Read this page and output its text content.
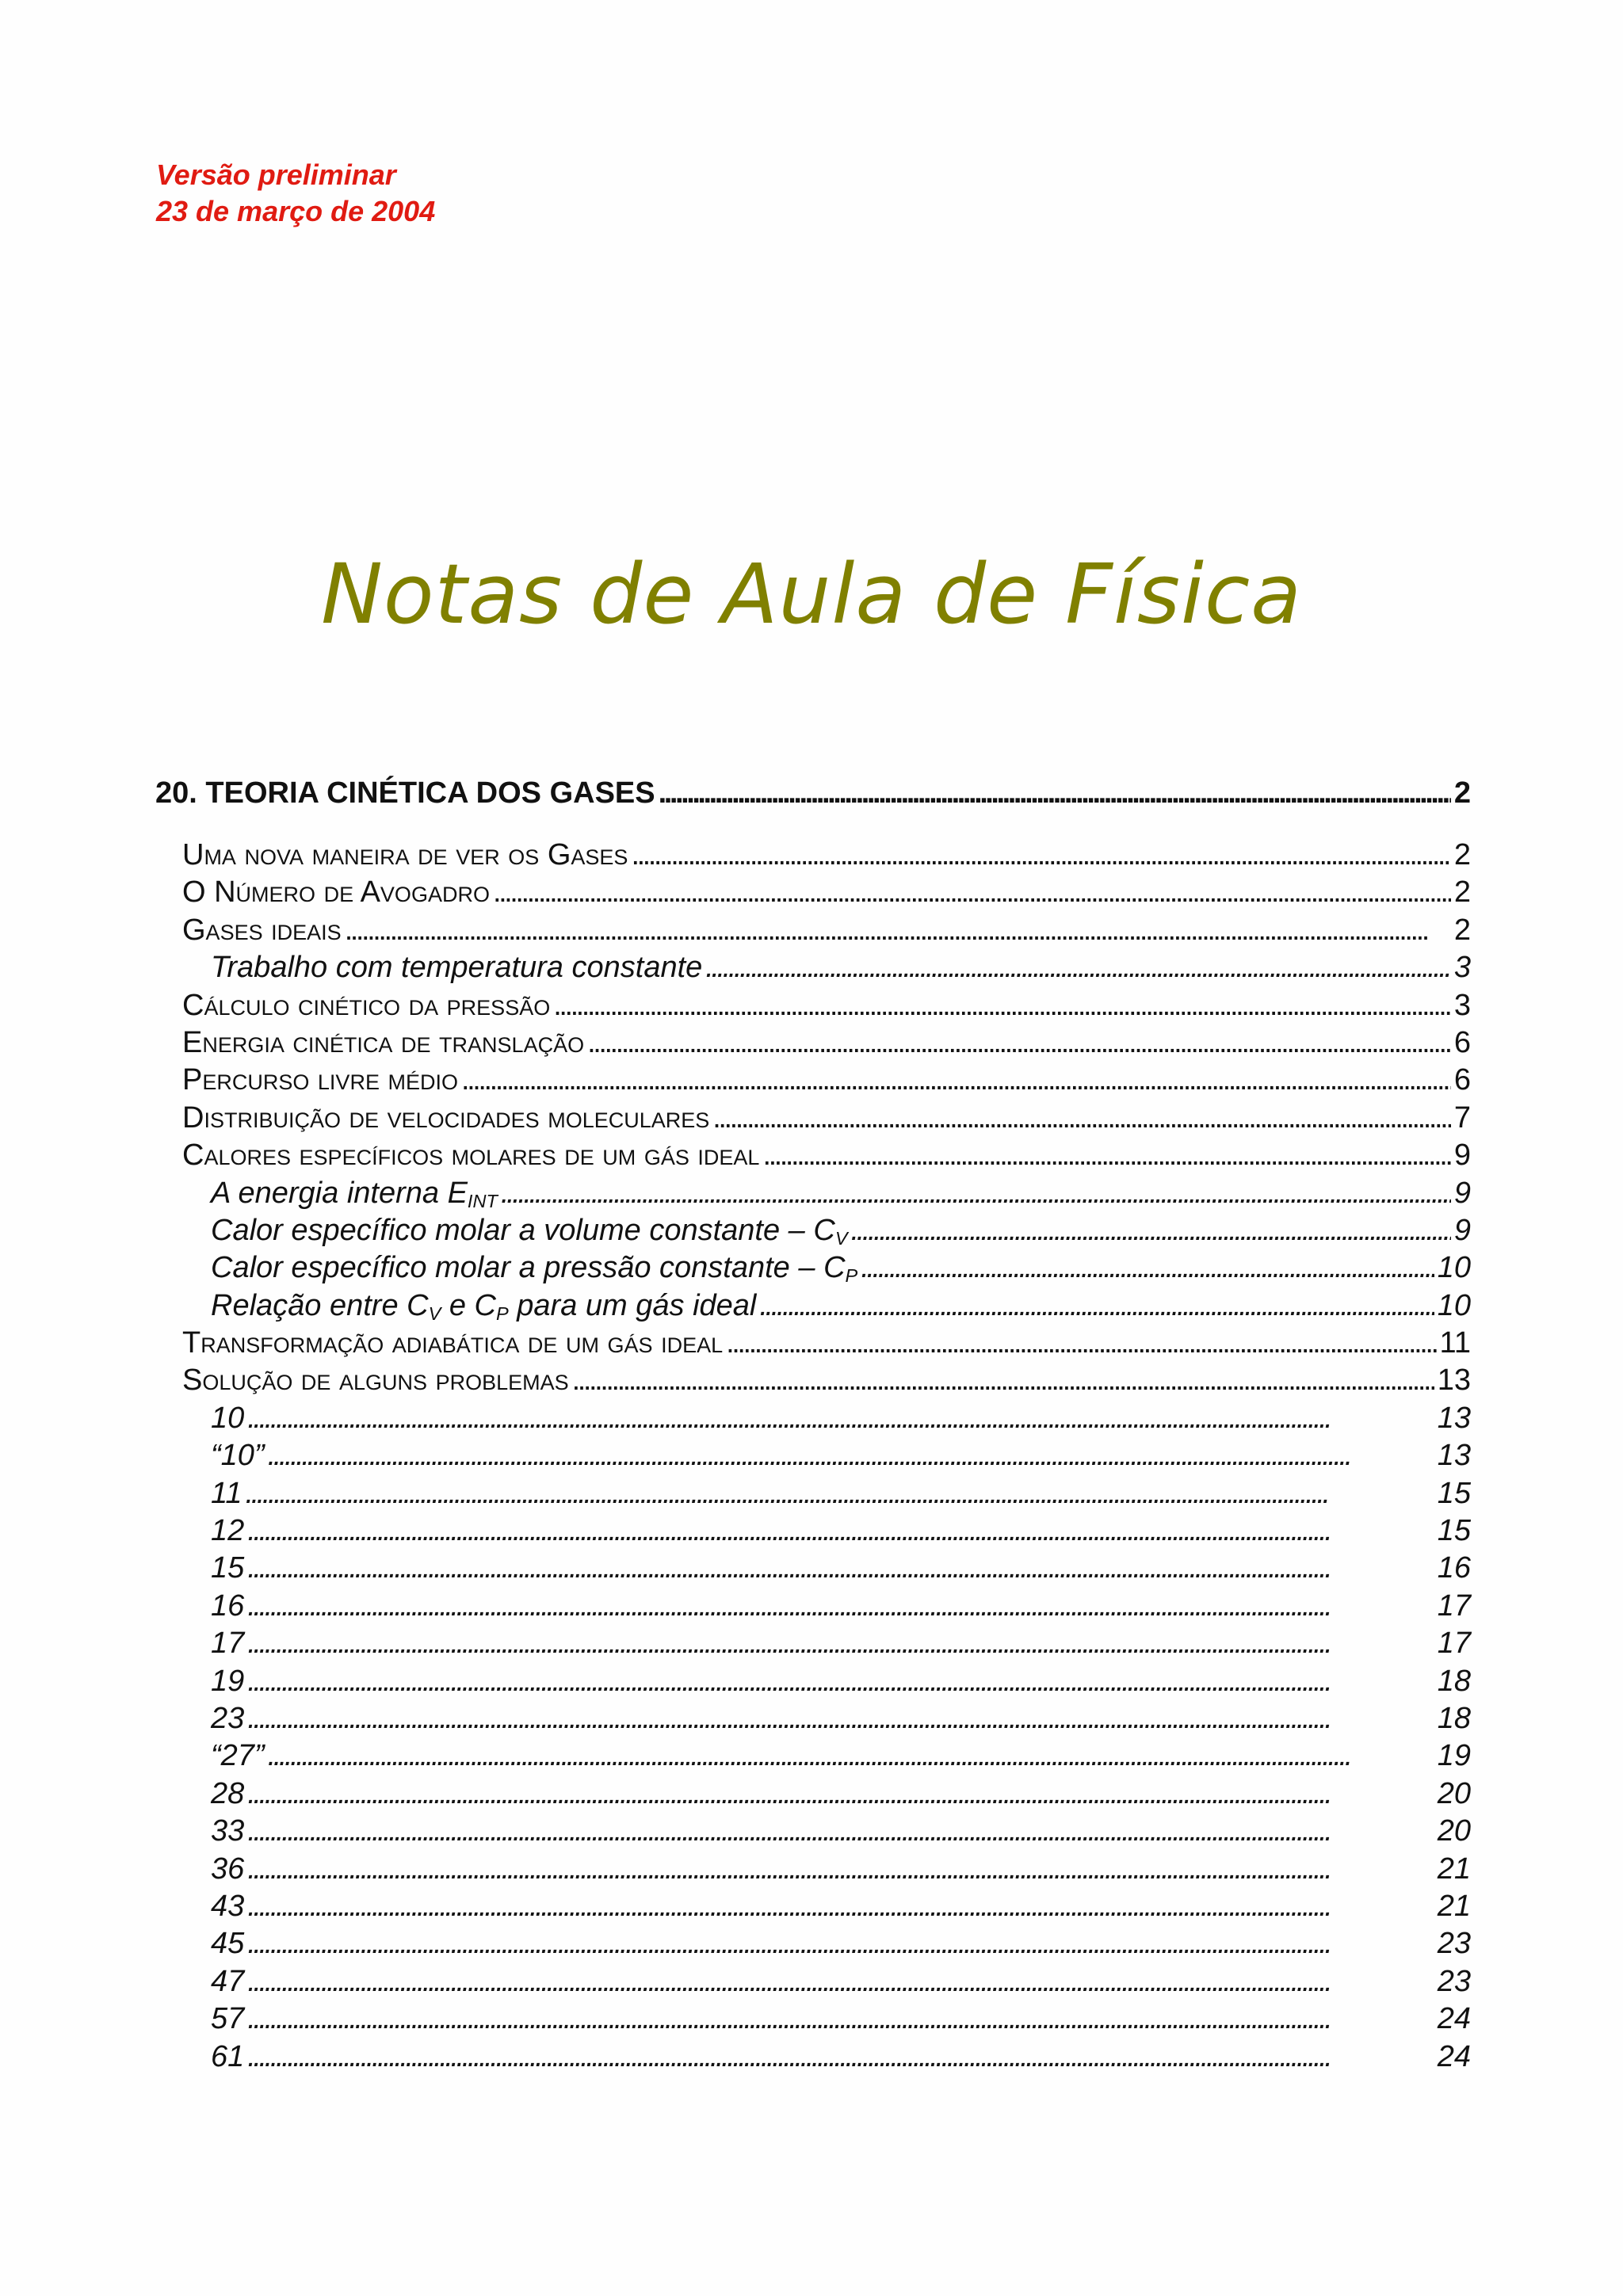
Versão preliminar
23 de março de 2004
Notas de Aula de Física
20. TEORIA CINÉTICA DOS GASES . . .	2
Uma nova maneira de ver os Gases . . .	2
O Número de Avogadro . . .	2
Gases ideais . . .	2
Trabalho com temperatura constante . . .	3
Cálculo cinético da pressão . . .	3
Energia cinética de translação . . .	6
Percurso livre médio . . .	6
Distribuição de velocidades moleculares . . .	7
Calores específicos molares de um gás ideal . . .	9
A energia interna $E_{INT}$ . . .	9
Calor específico molar a volume constante – $C_V$ . . .	9
Calor específico molar a pressão constante – $C_P$ . . .	10
Relação entre $C_V$ e $C_P$ para um gás ideal . . .	10
Transformação adiabática de um gás ideal . . .	11
Solução de alguns problemas . . .	13
10 . . .	13
“10” . . .	13
11 . . .	15
12 . . .	15
15 . . .	16
16 . . .	17
17 . . .	17
19 . . .	18
23 . . .	18
“27” . . .	19
28 . . .	20
33 . . .	20
36 . . .	21
43 . . .	21
45 . . .	23
47 . . .	23
57 . . .	24
61 . . .	24
